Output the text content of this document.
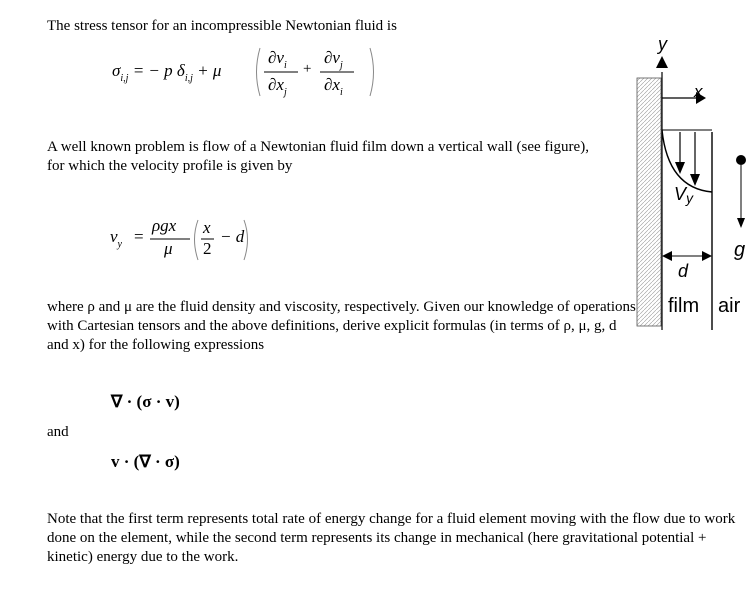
The stress tensor for an incompressible Newtonian fluid is
$\sigma_{i,j}$ = − p $\delta_{i,j} + \mu$
$\partial v_i$
$\partial x_j$
+
$\partial v_j$
$\partial x_i$
A well known problem is flow of a Newtonian fluid film down a vertical wall (see figure), for which the velocity profile is given by
$v_y$ =
ρgx
μ
x
2
− d
where ρ and μ are the fluid density and viscosity, respectively. Given our knowledge of operations with Cartesian tensors and the above definitions, derive explicit formulas (in terms of ρ, μ, g, d and x) for the following expressions
∇ · (σ · v)
and
v · (∇ · σ)
Note that the first term represents total rate of energy change for a fluid element moving with the flow due to work done on the element, while the second term represents its change in mechanical (here gravitational potential + kinetic) energy due to the work.
y
x
Vy
d
g
film air
